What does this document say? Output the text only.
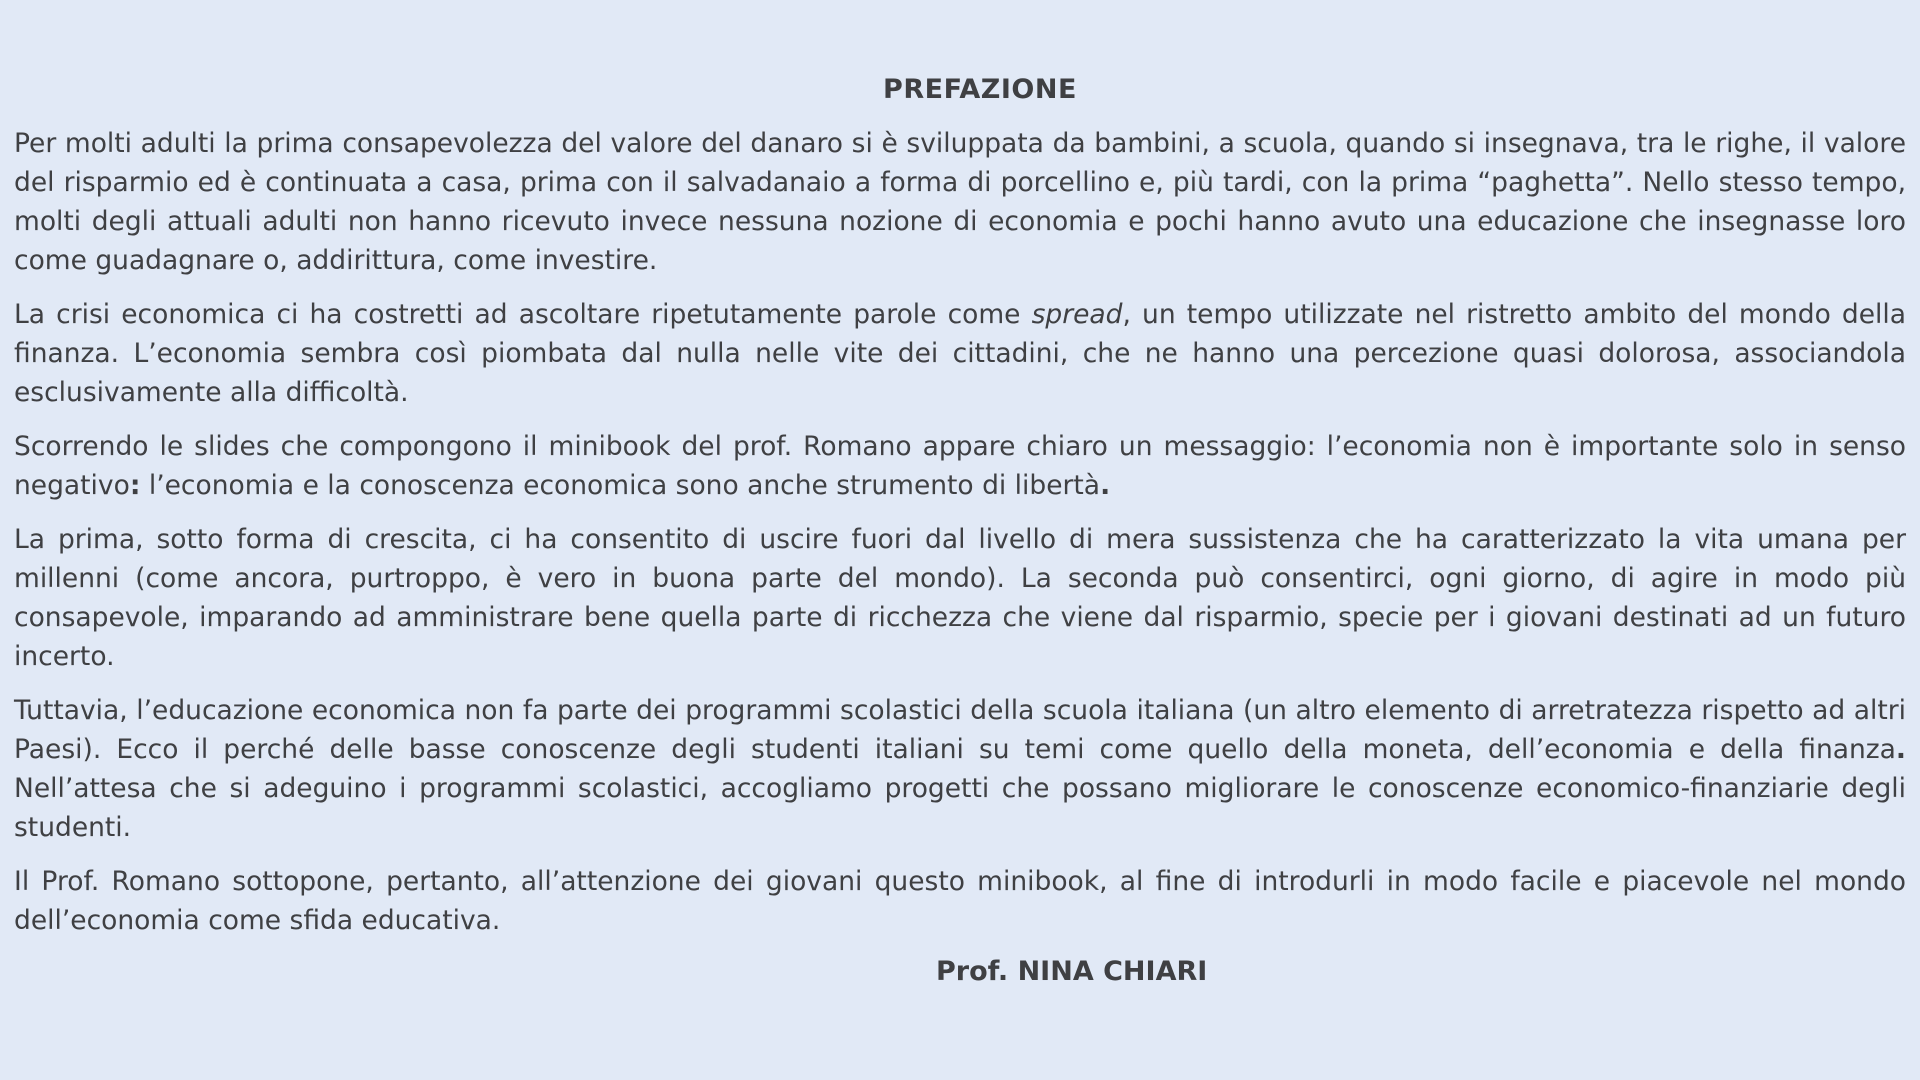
PREFAZIONE

Per molti adulti la prima consapevolezza del valore del danaro si è sviluppata da bambini, a scuola, quando si insegnava, tra le righe, il valore del risparmio ed è continuata a casa, prima con il salvadanaio a forma di porcellino e, più tardi, con la prima “paghetta”. Nello stesso tempo, molti degli attuali adulti non hanno ricevuto invece nessuna nozione di economia e pochi hanno avuto una educazione che insegnasse loro come guadagnare o, addirittura, come investire.

La crisi economica ci ha costretti ad ascoltare ripetutamente parole come spread, un tempo utilizzate nel ristretto ambito del mondo della finanza. L’economia sembra così piombata dal nulla nelle vite dei cittadini, che ne hanno una percezione quasi dolorosa, associandola esclusivamente alla difficoltà.

Scorrendo le slides che compongono il minibook del prof. Romano appare chiaro un messaggio: l’economia non è importante solo in senso negativo: l’economia e la conoscenza economica sono anche strumento di libertà.

La prima, sotto forma di crescita, ci ha consentito di uscire fuori dal livello di mera sussistenza che ha caratterizzato la vita umana per millenni (come ancora, purtroppo, è vero in buona parte del mondo). La seconda può consentirci, ogni giorno, di agire in modo più consapevole, imparando ad amministrare bene quella parte di ricchezza che viene dal risparmio, specie per i giovani destinati ad un futuro incerto.

Tuttavia, l’educazione economica non fa parte dei programmi scolastici della scuola italiana (un altro elemento di arretratezza rispetto ad altri Paesi). Ecco il perché delle basse conoscenze degli studenti italiani su temi come quello della moneta, dell’economia e della finanza. Nell’attesa che si adeguino i programmi scolastici, accogliamo progetti che possano migliorare le conoscenze economico-finanziarie degli studenti.

Il Prof. Romano sottopone, pertanto, all’attenzione dei giovani questo minibook, al fine di introdurli in modo facile e piacevole nel mondo dell’economia come sfida educativa.

Prof. NINA CHIARI
